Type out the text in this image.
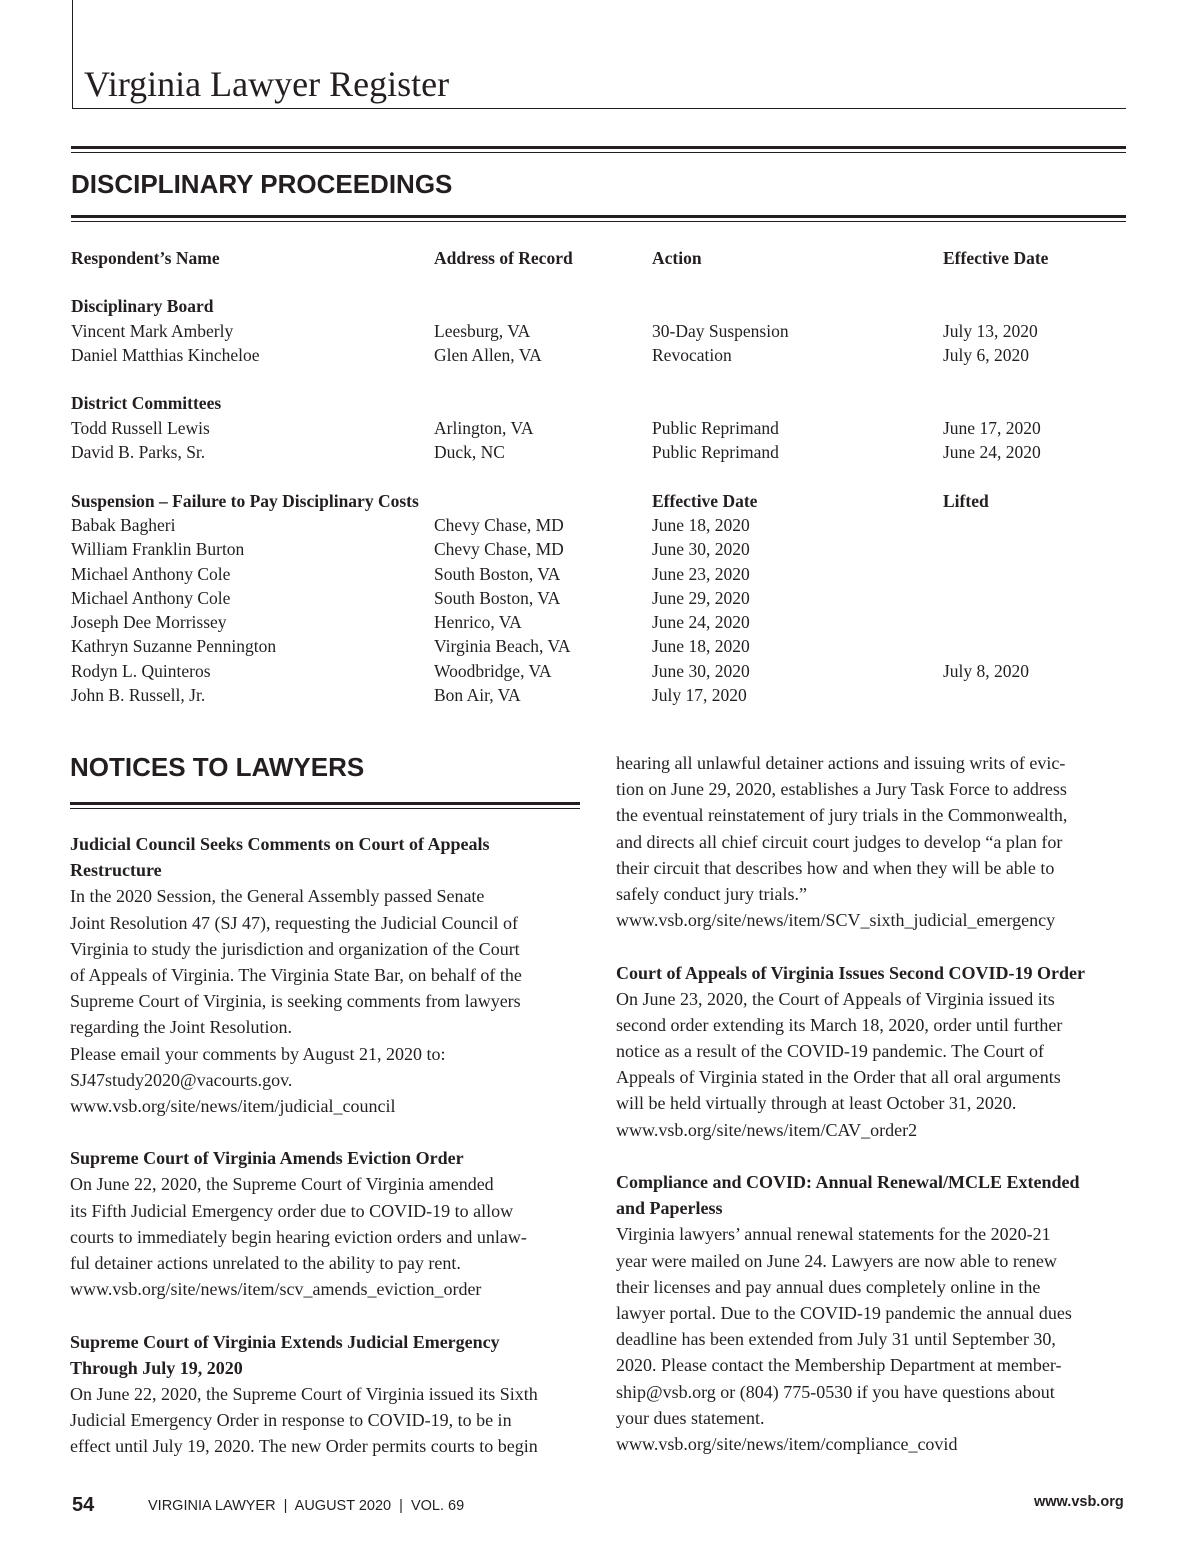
Virginia Lawyer Register
DISCIPLINARY PROCEEDINGS
Respondent’s Name	Address of Record	Action	Effective Date
Disciplinary Board
Vincent Mark Amberly	Leesburg, VA	30-Day Suspension	July 13, 2020
Daniel Matthias Kincheloe	Glen Allen, VA	Revocation	July 6, 2020
District Committees
Todd Russell Lewis	Arlington, VA	Public Reprimand	June 17, 2020
David B. Parks, Sr.	Duck, NC	Public Reprimand	June 24, 2020
Suspension – Failure to Pay Disciplinary Costs	Effective Date	Lifted
Babak Bagheri	Chevy Chase, MD	June 18, 2020
William Franklin Burton	Chevy Chase, MD	June 30, 2020
Michael Anthony Cole	South Boston, VA	June 23, 2020
Michael Anthony Cole	South Boston, VA	June 29, 2020
Joseph Dee Morrissey	Henrico, VA	June 24, 2020
Kathryn Suzanne Pennington	Virginia Beach, VA	June 18, 2020
Rodyn L. Quinteros	Woodbridge, VA	June 30, 2020	July 8, 2020
John B. Russell, Jr.	Bon Air, VA	July 17, 2020
NOTICES TO LAWYERS
Judicial Council Seeks Comments on Court of Appeals
Restructure
In the 2020 Session, the General Assembly passed Senate
Joint Resolution 47 (SJ 47), requesting the Judicial Council of
Virginia to study the jurisdiction and organization of the Court
of Appeals of Virginia. The Virginia State Bar, on behalf of the
Supreme Court of Virginia, is seeking comments from lawyers
regarding the Joint Resolution.
Please email your comments by August 21, 2020 to:
SJ47study2020@vacourts.gov.
www.vsb.org/site/news/item/judicial_council
Supreme Court of Virginia Amends Eviction Order
On June 22, 2020, the Supreme Court of Virginia amended
its Fifth Judicial Emergency order due to COVID-19 to allow
courts to immediately begin hearing eviction orders and unlaw-
ful detainer actions unrelated to the ability to pay rent.
www.vsb.org/site/news/item/scv_amends_eviction_order
Supreme Court of Virginia Extends Judicial Emergency
Through July 19, 2020
On June 22, 2020, the Supreme Court of Virginia issued its Sixth
Judicial Emergency Order in response to COVID-19, to be in
effect until July 19, 2020. The new Order permits courts to begin
hearing all unlawful detainer actions and issuing writs of evic-
tion on June 29, 2020, establishes a Jury Task Force to address
the eventual reinstatement of jury trials in the Commonwealth,
and directs all chief circuit court judges to develop “a plan for
their circuit that describes how and when they will be able to
safely conduct jury trials.”
www.vsb.org/site/news/item/SCV_sixth_judicial_emergency
Court of Appeals of Virginia Issues Second COVID-19 Order
On June 23, 2020, the Court of Appeals of Virginia issued its
second order extending its March 18, 2020, order until further
notice as a result of the COVID-19 pandemic. The Court of
Appeals of Virginia stated in the Order that all oral arguments
will be held virtually through at least October 31, 2020.
www.vsb.org/site/news/item/CAV_order2
Compliance and COVID: Annual Renewal/MCLE Extended
and Paperless
Virginia lawyers’ annual renewal statements for the 2020-21
year were mailed on June 24. Lawyers are now able to renew
their licenses and pay annual dues completely online in the
lawyer portal. Due to the COVID-19 pandemic the annual dues
deadline has been extended from July 31 until September 30,
2020. Please contact the Membership Department at member-
ship@vsb.org or (804) 775-0530 if you have questions about
your dues statement.
www.vsb.org/site/news/item/compliance_covid
54	VIRGINIA LAWYER  |  AUGUST 2020  |  VOL. 69	www.vsb.org
